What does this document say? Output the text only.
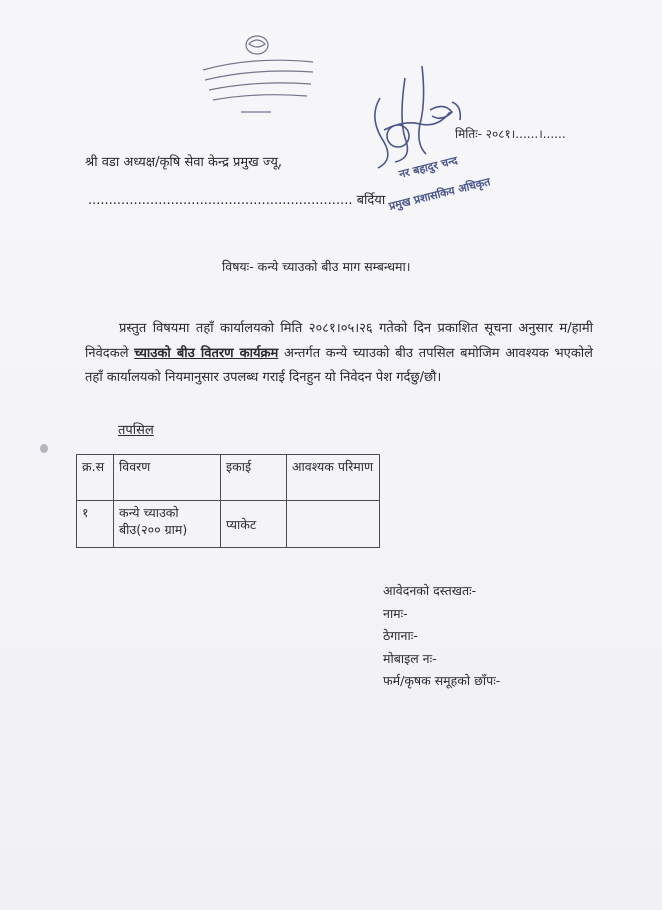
नर बहादुर चन्द
प्रमुख प्रशासकिय अधिकृत
मितिः- २०८१।......।......
श्री वडा अध्यक्ष/कृषि सेवा केन्द्र प्रमुख ज्यू,
................................................................ बर्दिया
विषयः- कन्ये च्याउको बीउ माग सम्बन्धमा।
प्रस्तुत विषयमा तहाँ कार्यालयको मिति २०८१।०५।२६ गतेको दिन प्रकाशित सूचना अनुसार म/हामी निवेदकले च्याउको बीउ वितरण कार्यक्रम अन्तर्गत कन्ये च्याउको बीउ तपसिल बमोजिम आवश्यक भएकोले तहाँ कार्यालयको नियमानुसार उपलब्ध गराई दिनहुन यो निवेदन पेश गर्दछु/छौ।
तपसिल
क्र.स	विवरण	इकाई	आवश्यक परिमाण
१	कन्ये च्याउको बीउ(२०० ग्राम)	प्याकेट	
आवेदनको दस्तखतः-
नामः-
ठेगानाः-
मोबाइल नः-
फर्म/कृषक समूहको छाँपः-
